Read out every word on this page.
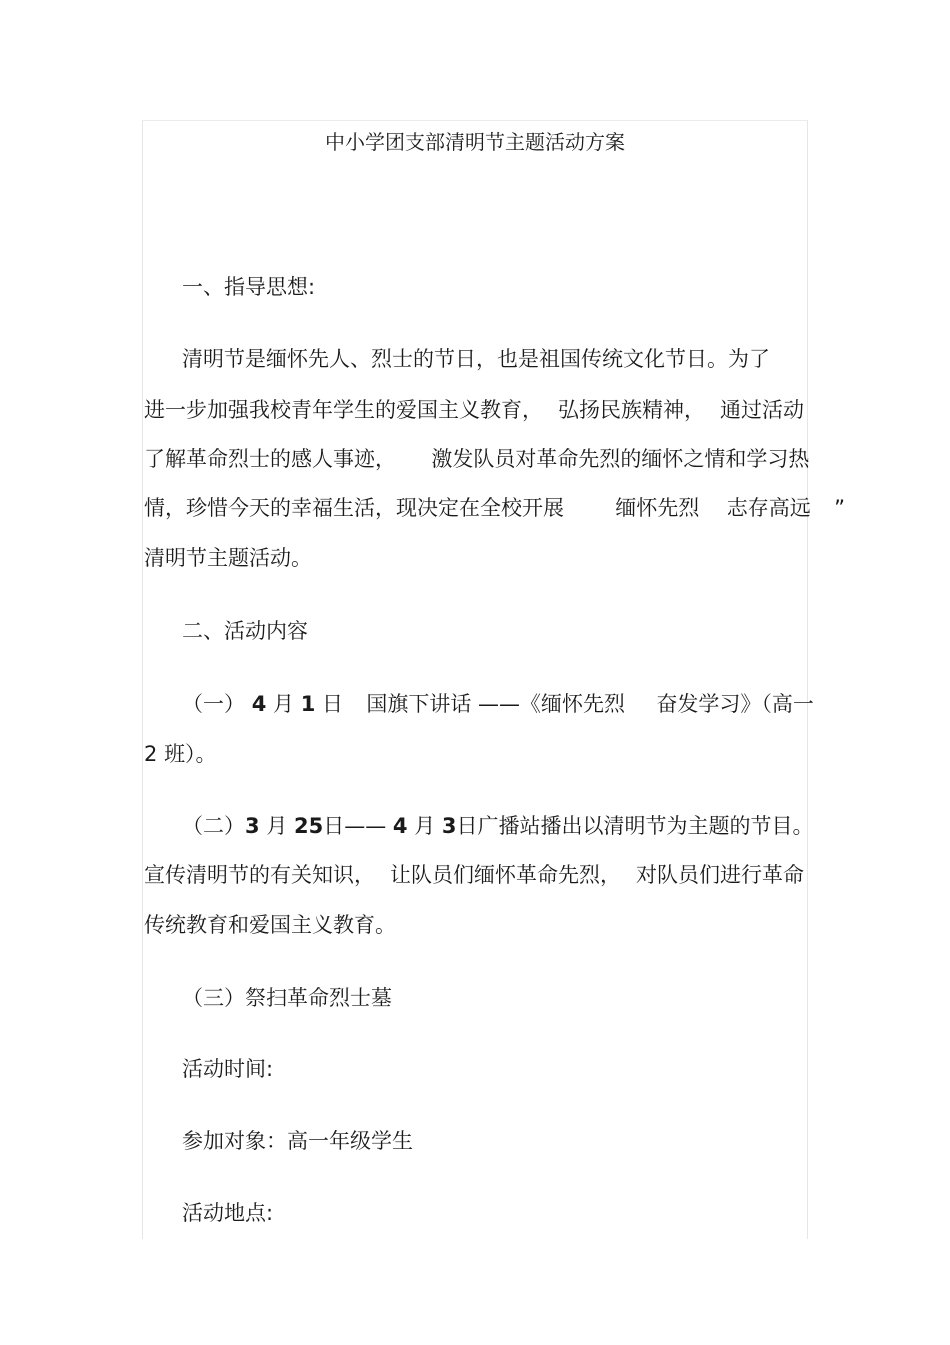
中小学团支部清明节主题活动方案
一、指导思想:
清明节是缅怀先人、烈士的节日，也是祖国传统文化节日。为了
进一步加强我校青年学生的爱国主义教育， 弘扬民族精神， 通过活动
了解革命烈士的感人事迹， 激发队员对革命先烈的缅怀之情和学习热
情，珍惜今天的幸福生活，现决定在全校开展 缅怀先烈 志存高远 ”
清明节主题活动。
二、活动内容
（一） 4 月 1 日 国旗下讲话 ——《缅怀先烈 奋发学习》（高一
2 班）。
（二）3 月 25日—— 4 月 3日广播站播出以清明节为主题的节目。
宣传清明节的有关知识， 让队员们缅怀革命先烈， 对队员们进行革命
传统教育和爱国主义教育。
（三）祭扫革命烈士墓
活动时间:
参加对象：高一年级学生
活动地点:
